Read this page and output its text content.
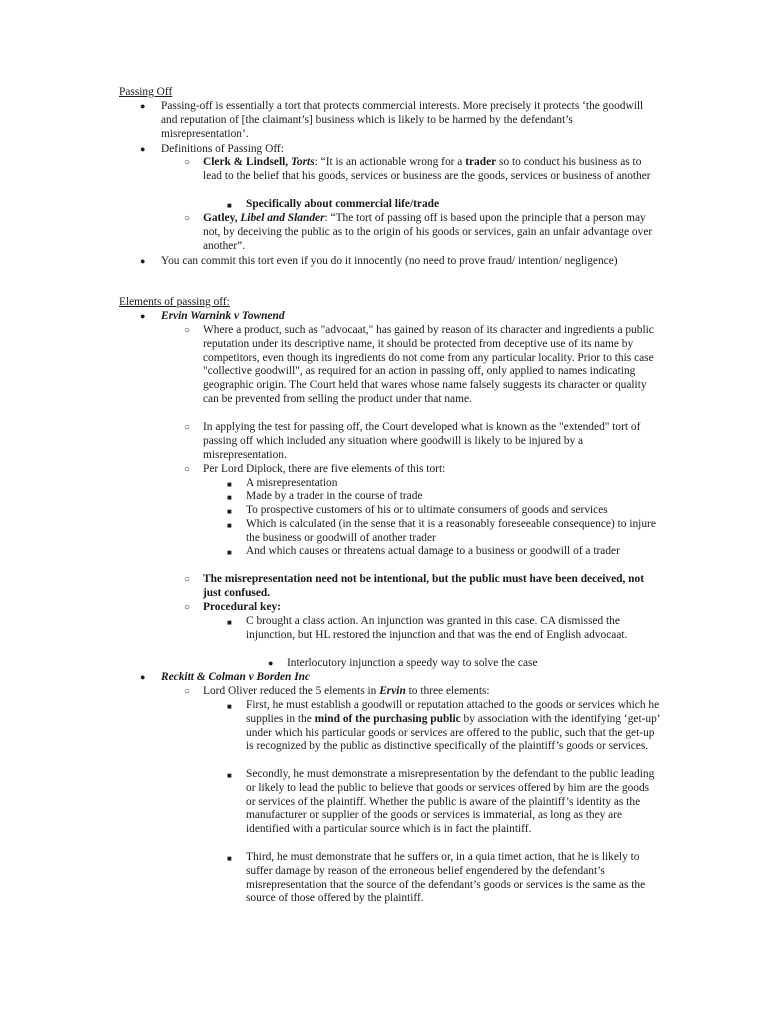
Passing Off
● Passing-off is essentially a tort that protects commercial interests. More precisely it protects ‘the goodwill and reputation of [the claimant’s] business which is likely to be harmed by the defendant’s misrepresentation’.
● Definitions of Passing Off:
○ Clerk & Lindsell, Torts: “It is an actionable wrong for a trader so to conduct his business as to lead to the belief that his goods, services or business are the goods, services or business of another
■ Specifically about commercial life/trade
○ Gatley, Libel and Slander: “The tort of passing off is based upon the principle that a person may not, by deceiving the public as to the origin of his goods or services, gain an unfair advantage over another”.
● You can commit this tort even if you do it innocently (no need to prove fraud/ intention/ negligence)
Elements of passing off:
● Ervin Warnink v Townend
○ Where a product, such as "advocaat," has gained by reason of its character and ingredients a public reputation under its descriptive name, it should be protected from deceptive use of its name by competitors, even though its ingredients do not come from any particular locality. Prior to this case "collective goodwill", as required for an action in passing off, only applied to names indicating geographic origin. The Court held that wares whose name falsely suggests its character or quality can be prevented from selling the product under that name.
○ In applying the test for passing off, the Court developed what is known as the "extended" tort of passing off which included any situation where goodwill is likely to be injured by a misrepresentation.
○ Per Lord Diplock, there are five elements of this tort:
■ A misrepresentation
■ Made by a trader in the course of trade
■ To prospective customers of his or to ultimate consumers of goods and services
■ Which is calculated (in the sense that it is a reasonably foreseeable consequence) to injure the business or goodwill of another trader
■ And which causes or threatens actual damage to a business or goodwill of a trader
○ The misrepresentation need not be intentional, but the public must have been deceived, not just confused.
○ Procedural key:
■ C brought a class action. An injunction was granted in this case. CA dismissed the injunction, but HL restored the injunction and that was the end of English advocaat.
● Interlocutory injunction a speedy way to solve the case
● Reckitt & Colman v Borden Inc
○ Lord Oliver reduced the 5 elements in Ervin to three elements:
■ First, he must establish a goodwill or reputation attached to the goods or services which he supplies in the mind of the purchasing public by association with the identifying ‘get-up’ under which his particular goods or services are offered to the public, such that the get-up is recognized by the public as distinctive specifically of the plaintiff’s goods or services.
■ Secondly, he must demonstrate a misrepresentation by the defendant to the public leading or likely to lead the public to believe that goods or services offered by him are the goods or services of the plaintiff. Whether the public is aware of the plaintiff’s identity as the manufacturer or supplier of the goods or services is immaterial, as long as they are identified with a particular source which is in fact the plaintiff.
■ Third, he must demonstrate that he suffers or, in a quia timet action, that he is likely to suffer damage by reason of the erroneous belief engendered by the defendant’s misrepresentation that the source of the defendant’s goods or services is the same as the source of those offered by the plaintiff.
